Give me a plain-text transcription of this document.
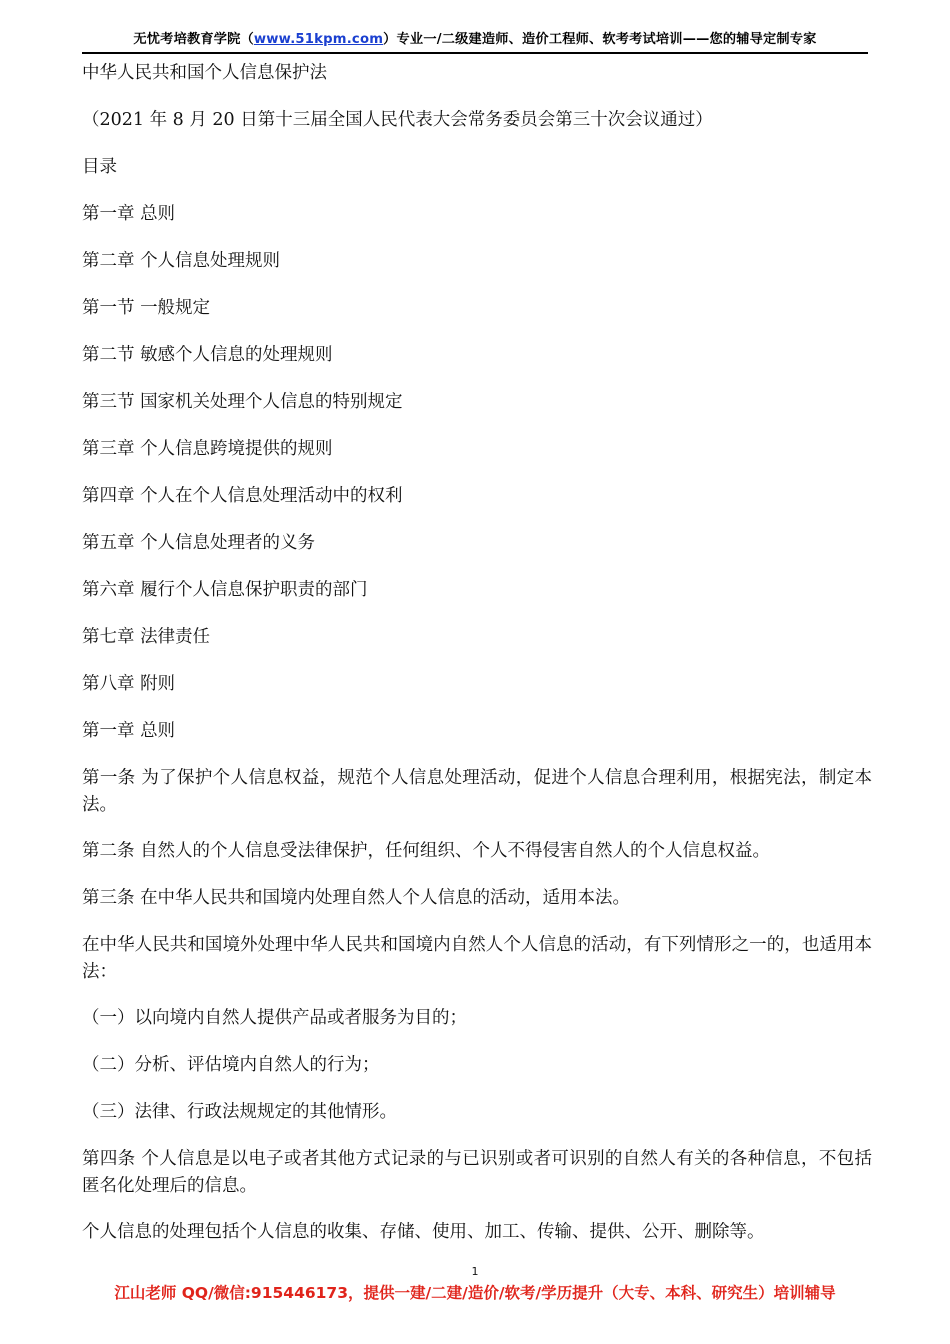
无忧考培教育学院（www.51kpm.com）专业一/二级建造师、造价工程师、软考考试培训——您的辅导定制专家

中华人民共和国个人信息保护法

（2021 年 8 月 20 日第十三届全国人民代表大会常务委员会第三十次会议通过）

目录

第一章 总则

第二章 个人信息处理规则

第一节 一般规定

第二节 敏感个人信息的处理规则

第三节 国家机关处理个人信息的特别规定

第三章 个人信息跨境提供的规则

第四章 个人在个人信息处理活动中的权利

第五章 个人信息处理者的义务

第六章 履行个人信息保护职责的部门

第七章 法律责任

第八章 附则

第一章 总则

第一条 为了保护个人信息权益，规范个人信息处理活动，促进个人信息合理利用，根据宪法，制定本法。

第二条 自然人的个人信息受法律保护，任何组织、个人不得侵害自然人的个人信息权益。

第三条 在中华人民共和国境内处理自然人个人信息的活动，适用本法。

在中华人民共和国境外处理中华人民共和国境内自然人个人信息的活动，有下列情形之一的，也适用本法：

（一）以向境内自然人提供产品或者服务为目的；

（二）分析、评估境内自然人的行为；

（三）法律、行政法规规定的其他情形。

第四条 个人信息是以电子或者其他方式记录的与已识别或者可识别的自然人有关的各种信息，不包括匿名化处理后的信息。

个人信息的处理包括个人信息的收集、存储、使用、加工、传输、提供、公开、删除等。

1
江山老师 QQ/微信:915446173，提供一建/二建/造价/软考/学历提升（大专、本科、研究生）培训辅导
